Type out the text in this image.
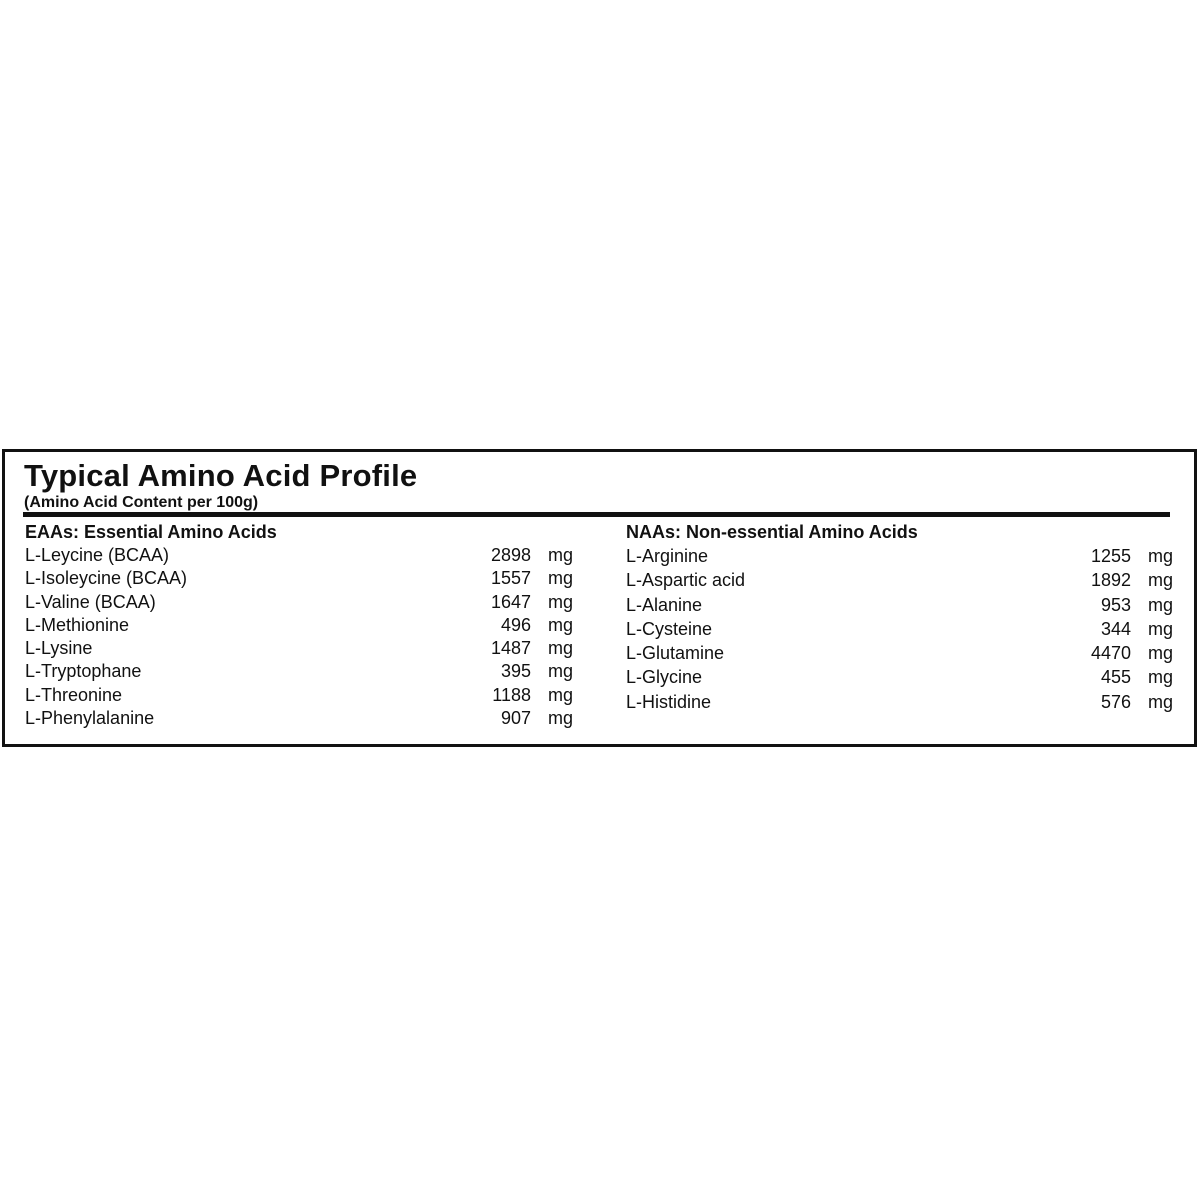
Typical Amino Acid Profile
(Amino Acid Content per 100g)
EAAs: Essential Amino Acids
L-Leycine (BCAA)	2898 mg
L-Isoleycine (BCAA)	1557 mg
L-Valine (BCAA)	1647 mg
L-Methionine	496 mg
L-Lysine	1487 mg
L-Tryptophane	395 mg
L-Threonine	1188 mg
L-Phenylalanine	907 mg
NAAs: Non-essential Amino Acids
L-Arginine	1255 mg
L-Aspartic acid	1892 mg
L-Alanine	953 mg
L-Cysteine	344 mg
L-Glutamine	4470 mg
L-Glycine	455 mg
L-Histidine	576 mg
